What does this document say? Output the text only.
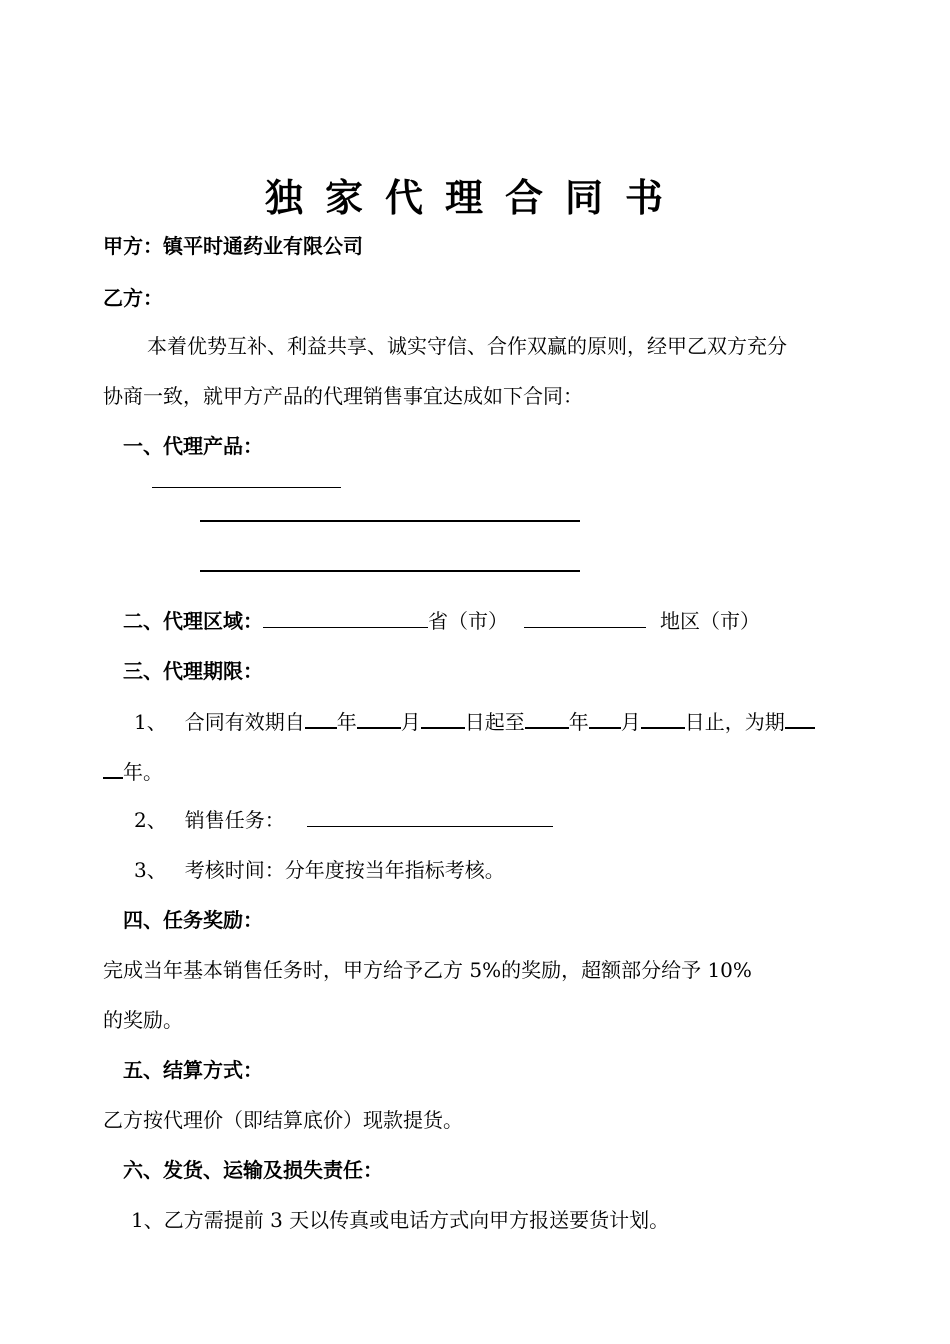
独家代理合同书
甲方：镇平时通药业有限公司
乙方：
本着优势互补、利益共享、诚实守信、合作双赢的原则，经甲乙双方充分
协商一致，就甲方产品的代理销售事宜达成如下合同：
一、代理产品：
二、代理区域：	省（市）	地区（市）
三、代理期限：
1、 合同有效期自 年 月 日起至 年 月 日止，为期
年。
2、 销售任务：
3、 考核时间：分年度按当年指标考核。
四、任务奖励：
完成当年基本销售任务时，甲方给予乙方 5%的奖励，超额部分给予 10%
的奖励。
五、结算方式：
乙方按代理价（即结算底价）现款提货。
六、发货、运输及损失责任：
1、乙方需提前 3 天以传真或电话方式向甲方报送要货计划。
